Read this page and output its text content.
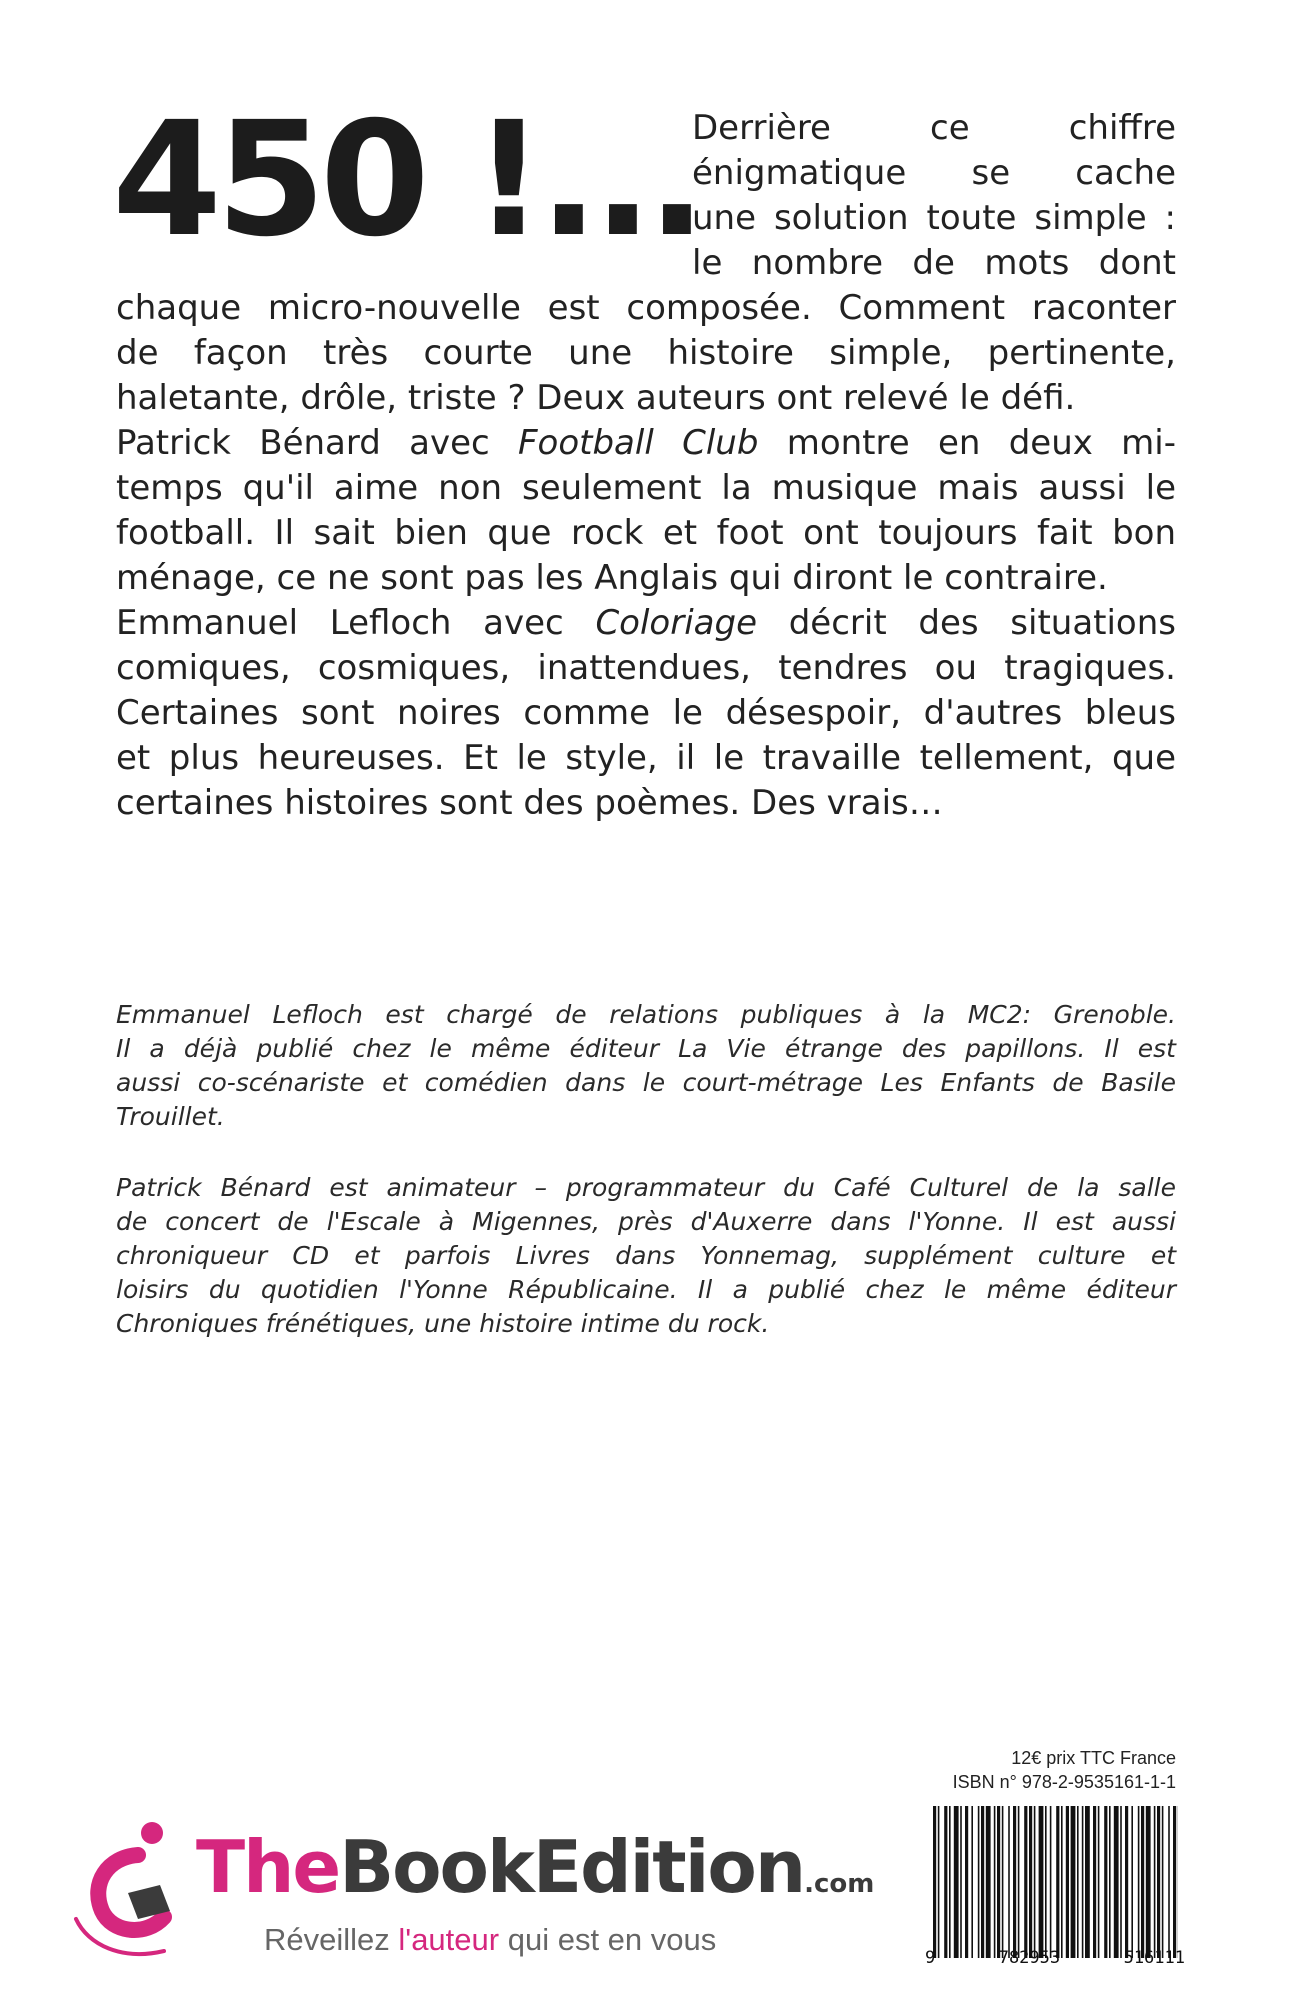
450 !...

Derrière ce chiffre
énigmatique se cache
une solution toute simple :
le nombre de mots dont

chaque micro-nouvelle est composée. Comment raconter
de façon très courte une histoire simple, pertinente,
haletante, drôle, triste ? Deux auteurs ont relevé le défi.
Patrick Bénard avec Football Club montre en deux mi-
temps qu'il aime non seulement la musique mais aussi le
football. Il sait bien que rock et foot ont toujours fait bon
ménage, ce ne sont pas les Anglais qui diront le contraire.
Emmanuel Lefloch avec Coloriage décrit des situations
comiques, cosmiques, inattendues, tendres ou tragiques.
Certaines sont noires comme le désespoir, d'autres bleus
et plus heureuses. Et le style, il le travaille tellement, que
certaines histoires sont des poèmes. Des vrais…

Emmanuel Lefloch est chargé de relations publiques à la MC2: Grenoble.
Il a déjà publié chez le même éditeur La Vie étrange des papillons. Il est
aussi co-scénariste et comédien dans le court-métrage Les Enfants de Basile
Trouillet.

Patrick Bénard est animateur – programmateur du Café Culturel de la salle
de concert de l'Escale à Migennes, près d'Auxerre dans l'Yonne. Il est aussi
chroniqueur CD et parfois Livres dans Yonnemag, supplément culture et
loisirs du quotidien l'Yonne Républicaine. Il a publié chez le même éditeur
Chroniques frénétiques, une histoire intime du rock.

12€ prix TTC France
ISBN n° 978-2-9535161-1-1
9	782953	516111
TheBookEdition.com
Réveillez l'auteur qui est en vous
